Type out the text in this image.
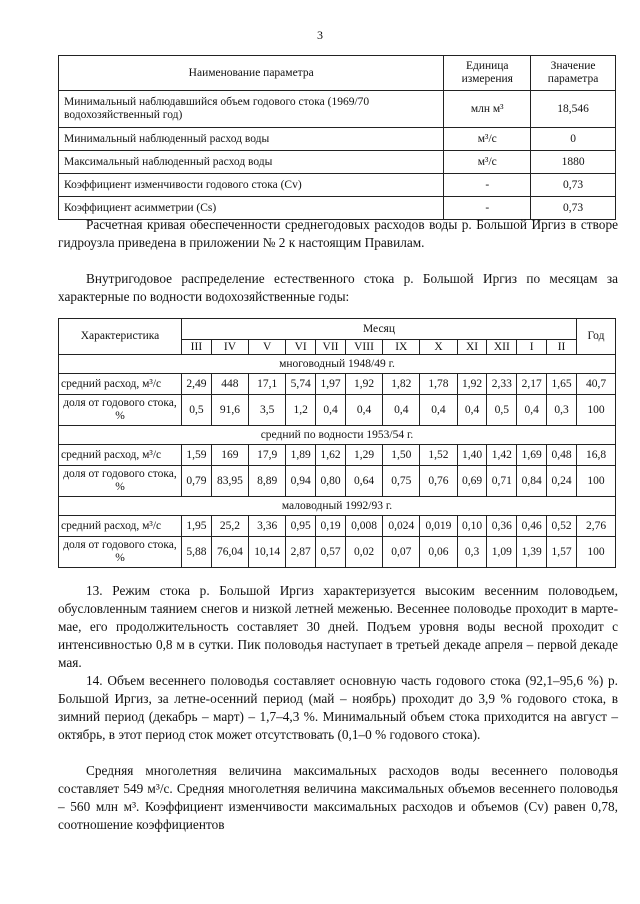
3
Наименование параметра	Единица измерения	Значение параметра
Минимальный наблюдавшийся объем годового стока (1969/70 водохозяйственный год)	млн м³	18,546
Минимальный наблюденный расход воды	м³/с	0
Максимальный наблюденный расход воды	м³/с	1880
Коэффициент изменчивости годового стока (Cv)	-	0,73
Коэффициент асимметрии (Cs)	-	0,73

Расчетная кривая обеспеченности среднегодовых расходов воды р. Большой Иргиз в створе гидроузла приведена в приложении № 2 к настоящим Правилам.

Внутригодовое распределение естественного стока р. Большой Иргиз по месяцам за характерные по водности водохозяйственные годы:

Характеристика	Месяц												Год
	III	IV	V	VI	VII	VIII	IX	X	XI	XII	I	II	
многоводный 1948/49 г.													
средний расход, м³/с	2,49	448	17,1	5,74	1,97	1,92	1,82	1,78	1,92	2,33	2,17	1,65	40,7
доля от годового стока, %	0,5	91,6	3,5	1,2	0,4	0,4	0,4	0,4	0,4	0,5	0,4	0,3	100
средний по водности 1953/54 г.													
средний расход, м³/с	1,59	169	17,9	1,89	1,62	1,29	1,50	1,52	1,40	1,42	1,69	0,48	16,8
доля от годового стока, %	0,79	83,95	8,89	0,94	0,80	0,64	0,75	0,76	0,69	0,71	0,84	0,24	100
маловодный 1992/93 г.													
средний расход, м³/с	1,95	25,2	3,36	0,95	0,19	0,008	0,024	0,019	0,10	0,36	0,46	0,52	2,76
доля от годового стока, %	5,88	76,04	10,14	2,87	0,57	0,02	0,07	0,06	0,3	1,09	1,39	1,57	100

13. Режим стока р. Большой Иргиз характеризуется высоким весенним половодьем, обусловленным таянием снегов и низкой летней меженью. Весеннее половодье проходит в марте-мае, его продолжительность составляет 30 дней. Подъем уровня воды весной проходит с интенсивностью 0,8 м в сутки. Пик половодья наступает в третьей декаде апреля – первой декаде мая.

14. Объем весеннего половодья составляет основную часть годового стока (92,1–95,6 %) р. Большой Иргиз, за летне-осенний период (май – ноябрь) проходит до 3,9 % годового стока, в зимний период (декабрь – март) – 1,7–4,3 %. Минимальный объем стока приходится на август – октябрь, в этот период сток может отсутствовать (0,1–0 % годового стока).

Средняя многолетняя величина максимальных расходов воды весеннего половодья составляет 549 м³/с. Средняя многолетняя величина максимальных объемов весеннего половодья – 560 млн м³. Коэффициент изменчивости максимальных расходов и объемов (Cv) равен 0,78, соотношение коэффициентов
